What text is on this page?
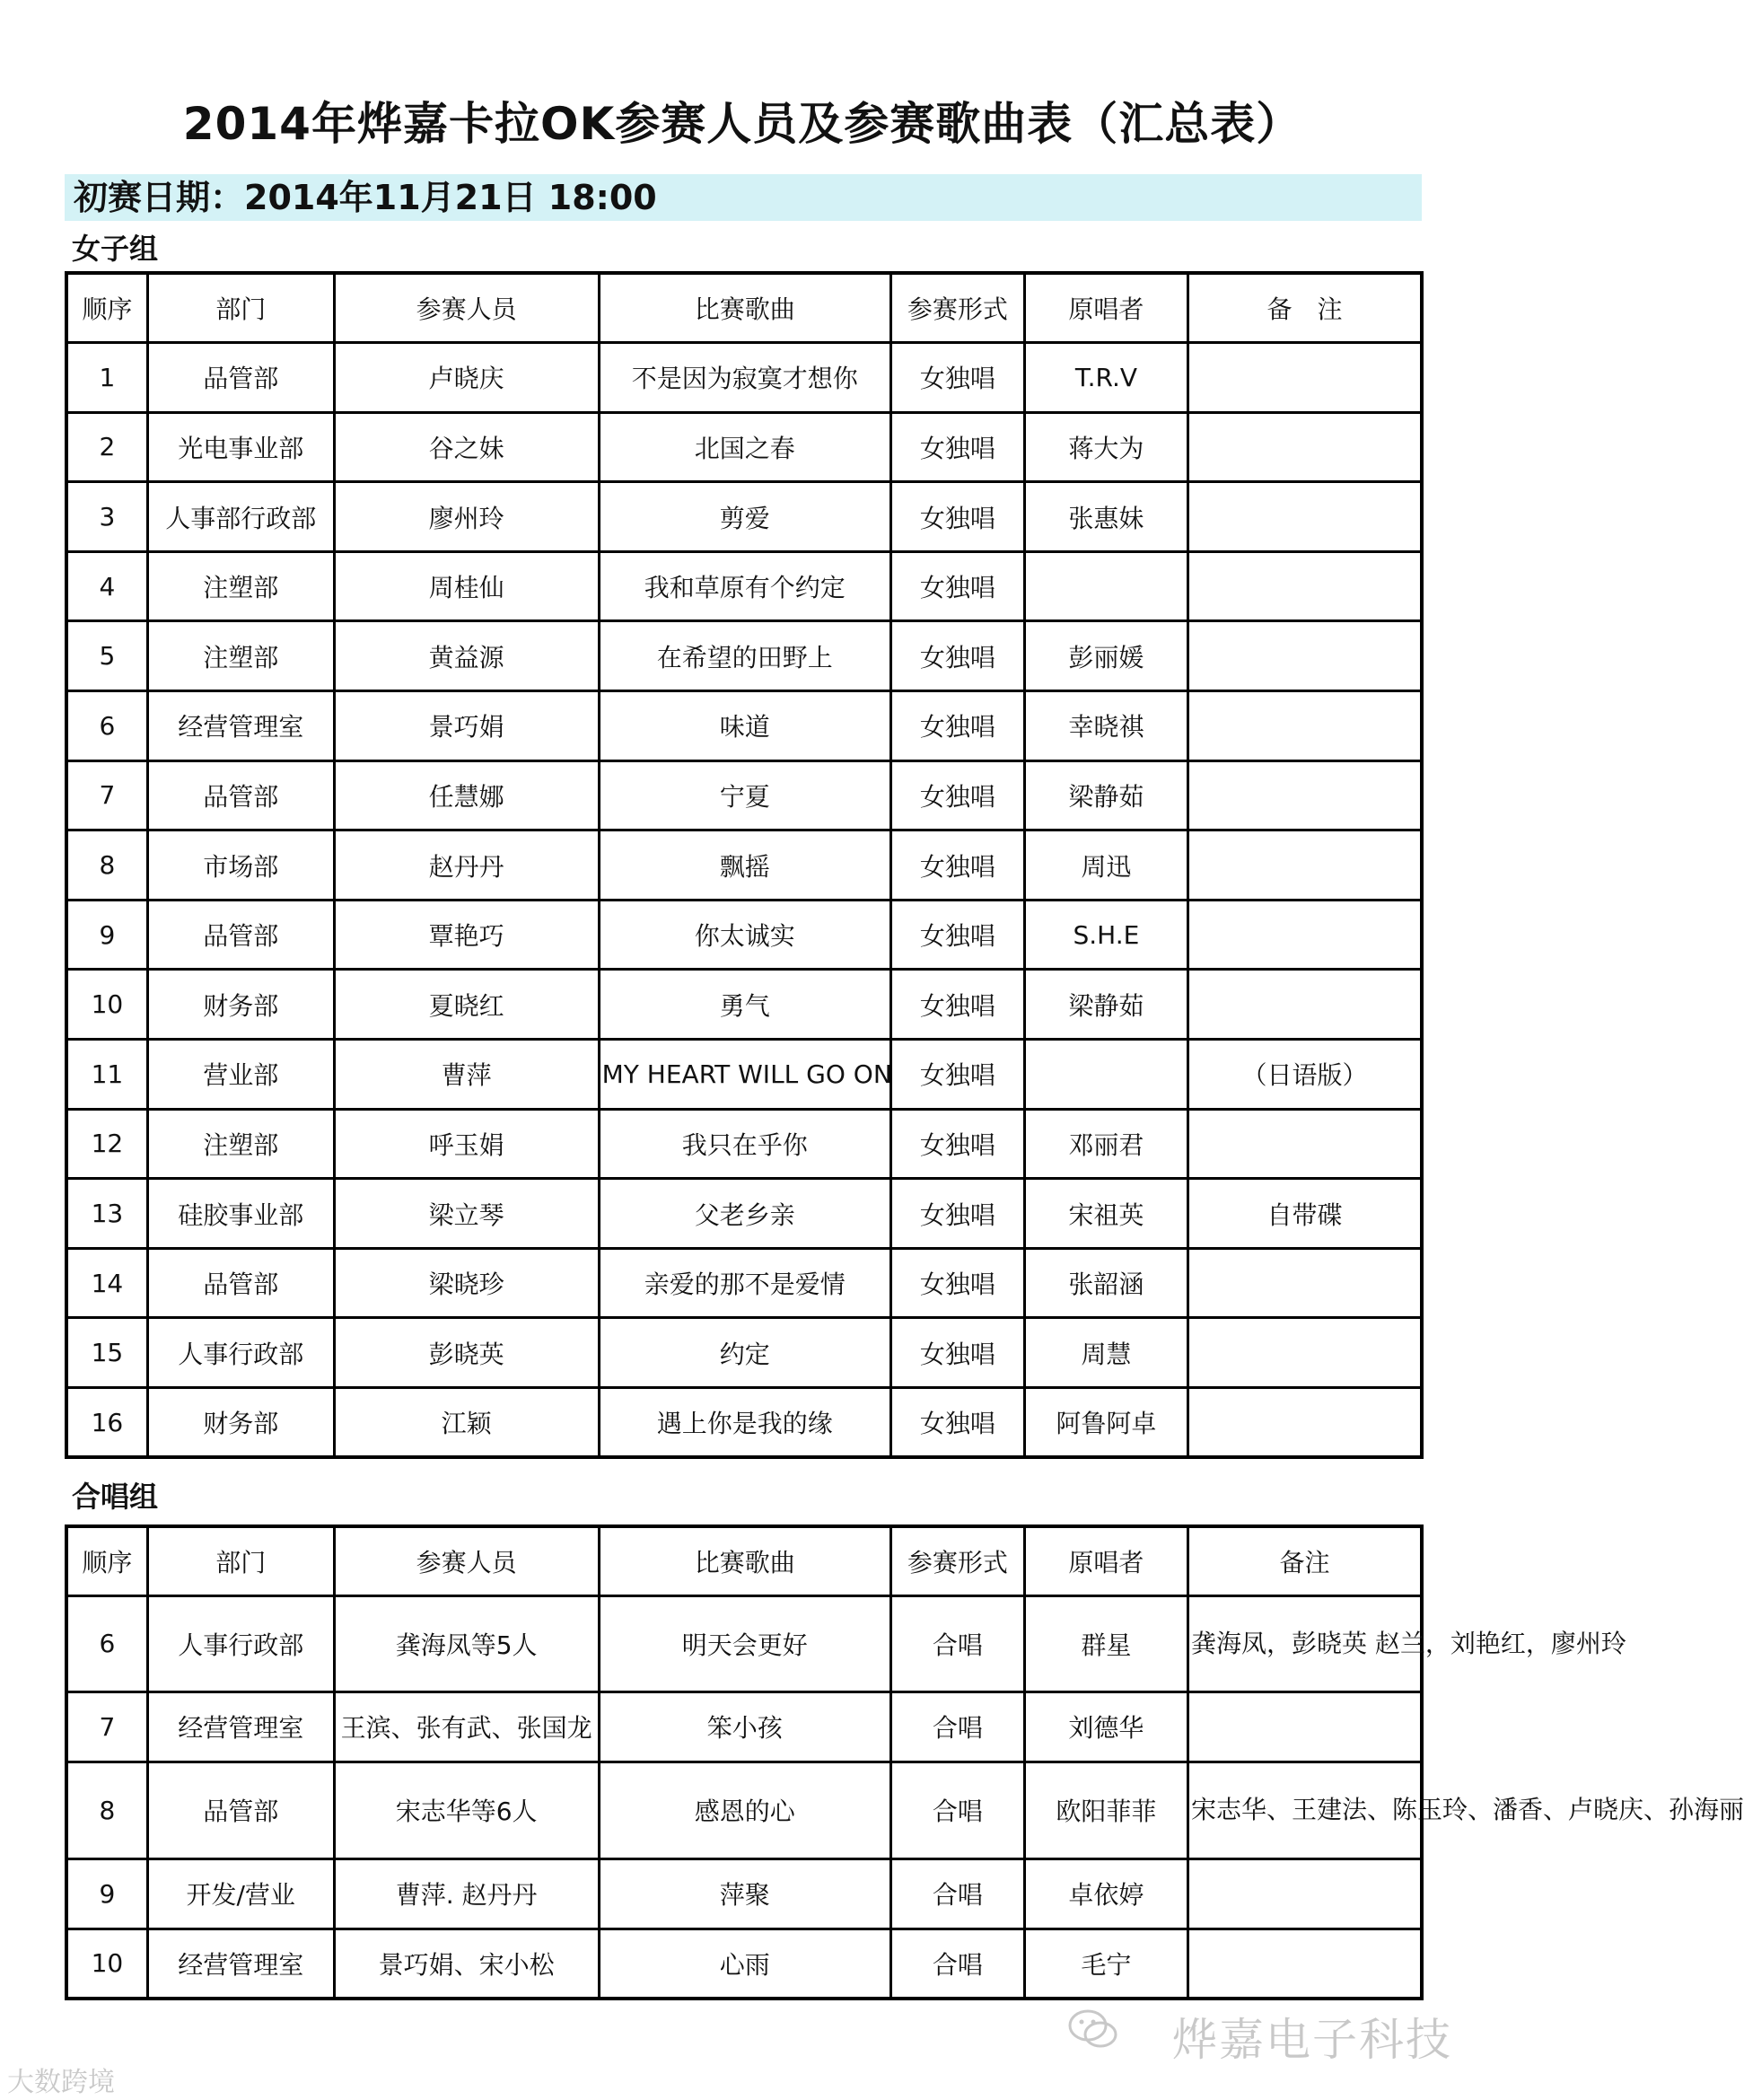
2014年烨嘉卡拉OK参赛人员及参赛歌曲表（汇总表）
初赛日期：2014年11月21日 18:00
女子组
顺序	部门	参赛人员	比赛歌曲	参赛形式	原唱者	备　注
1	品管部	卢晓庆	不是因为寂寞才想你	女独唱	T.R.V	
2	光电事业部	谷之妹	北国之春	女独唱	蒋大为	
3	人事部行政部	廖州玲	剪爱	女独唱	张惠妹	
4	注塑部	周桂仙	我和草原有个约定	女独唱		
5	注塑部	黄益源	在希望的田野上	女独唱	彭丽媛	
6	经营管理室	景巧娟	味道	女独唱	幸晓祺	
7	品管部	任慧娜	宁夏	女独唱	梁静茹	
8	市场部	赵丹丹	飘摇	女独唱	周迅	
9	品管部	覃艳巧	你太诚实	女独唱	S.H.E	
10	财务部	夏晓红	勇气	女独唱	梁静茹	
11	营业部	曹萍	MY HEART WILL GO ON	女独唱		（日语版）
12	注塑部	呼玉娟	我只在乎你	女独唱	邓丽君	
13	硅胶事业部	梁立琴	父老乡亲	女独唱	宋祖英	自带碟
14	品管部	梁晓珍	亲爱的那不是爱情	女独唱	张韶涵	
15	人事行政部	彭晓英	约定	女独唱	周慧	
16	财务部	江颖	遇上你是我的缘	女独唱	阿鲁阿卓	
合唱组
顺序	部门	参赛人员	比赛歌曲	参赛形式	原唱者	备注
6	人事行政部	龚海凤等5人	明天会更好	合唱	群星	龚海凤，彭晓英 赵兰，刘艳红，廖州玲
7	经营管理室	王滨、张有武、张国龙	笨小孩	合唱	刘德华	
8	品管部	宋志华等6人	感恩的心	合唱	欧阳菲菲	宋志华、王建法、陈玉玲、潘香、卢晓庆、孙海丽
9	开发/营业	曹萍. 赵丹丹	萍聚	合唱	卓依婷	
10	经营管理室	景巧娟、宋小松	心雨	合唱	毛宁	
烨嘉电子科技
大数跨境
